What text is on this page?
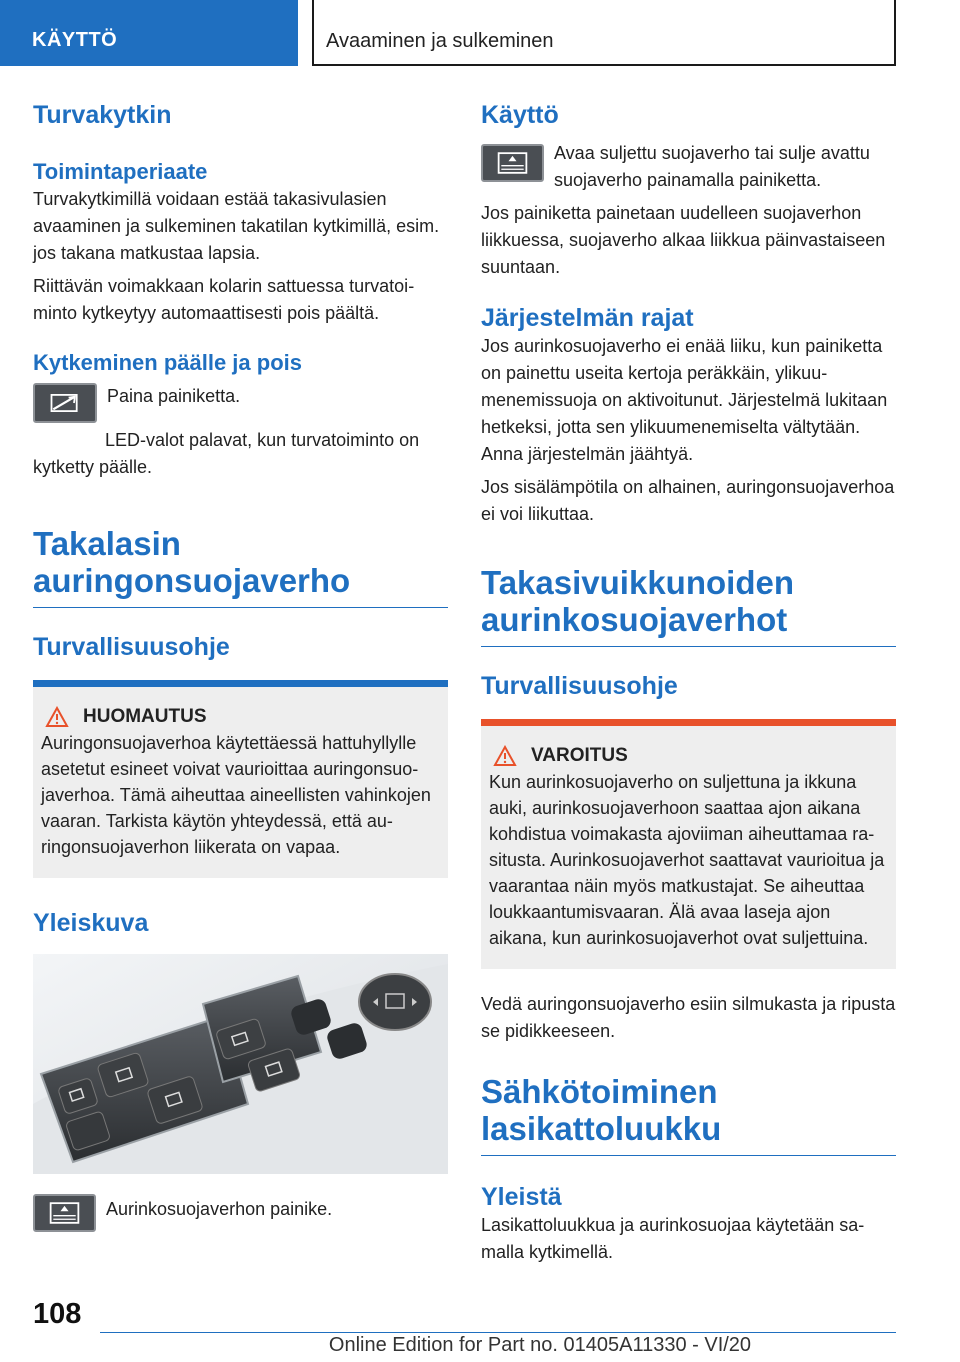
KÄYTTÖ	Avaaminen ja sulkeminen
Turvakytkin
Toimintaperiaate

Turvakytkimillä voidaan estää takasivulasien avaaminen ja sulkeminen takatilan kytkimillä, esim. jos takana matkustaa lapsia.

Riittävän voimakkaan kolarin sattuessa turvatoiminto kytkeytyy automaattisesti pois päältä.

Kytkeminen päälle ja pois

Paina painiketta.

LED-valot palavat, kun turvatoiminto on kytketty päälle.

Takalasin auringonsuojaverho
Turvallisuusohje
HUOMAUTUS

Auringonsuojaverhoa käytettäessä hattuhyllylle asetetut esineet voivat vaurioittaa auringonsuojaverhoa. Tämä aiheuttaa aineellisten vahinkojen vaaran. Tarkista käytön yhteydessä, että auringonsuojaverhon liikerata on vapaa.

Yleiskuva

Aurinkosuojaverhon painike.

Käyttö

Avaa suljettu suojaverho tai sulje avattu suojaverho painamalla painiketta.

Jos painiketta painetaan uudelleen suojaverhon liikkuessa, suojaverho alkaa liikkua päinvastaiseen suuntaan.

Järjestelmän rajat

Jos aurinkosuojaverho ei enää liiku, kun painiketta on painettu useita kertoja peräkkäin, ylikuumenemissuoja on aktivoitunut. Järjestelmä lukitaan hetkeksi, jotta sen ylikuumenemiselta vältytään. Anna järjestelmän jäähtyä.

Jos sisälämpötila on alhainen, auringonsuojaverhoa ei voi liikuttaa.

Takasivuikkunoiden aurinkosuojaverhot
Turvallisuusohje
VAROITUS

Kun aurinkosuojaverho on suljettuna ja ikkuna auki, aurinkosuojaverhoon saattaa ajon aikana kohdistua voimakasta ajoviiman aiheuttamaa rasitusta. Aurinkosuojaverhot saattavat vaurioitua ja vaarantaa näin myös matkustajat. Se aiheuttaa loukkaantumisvaaran. Älä avaa laseja ajon aikana, kun aurinkosuojaverhot ovat suljettuina.

Vedä auringonsuojaverho esiin silmukasta ja ripusta se pidikkeeseen.

Sähkötoiminen lasikattoluukku
Yleistä

Lasikattoluukkua ja aurinkosuojaa käytetään samalla kytkimellä.

108
Online Edition for Part no. 01405A11330 - VI/20
